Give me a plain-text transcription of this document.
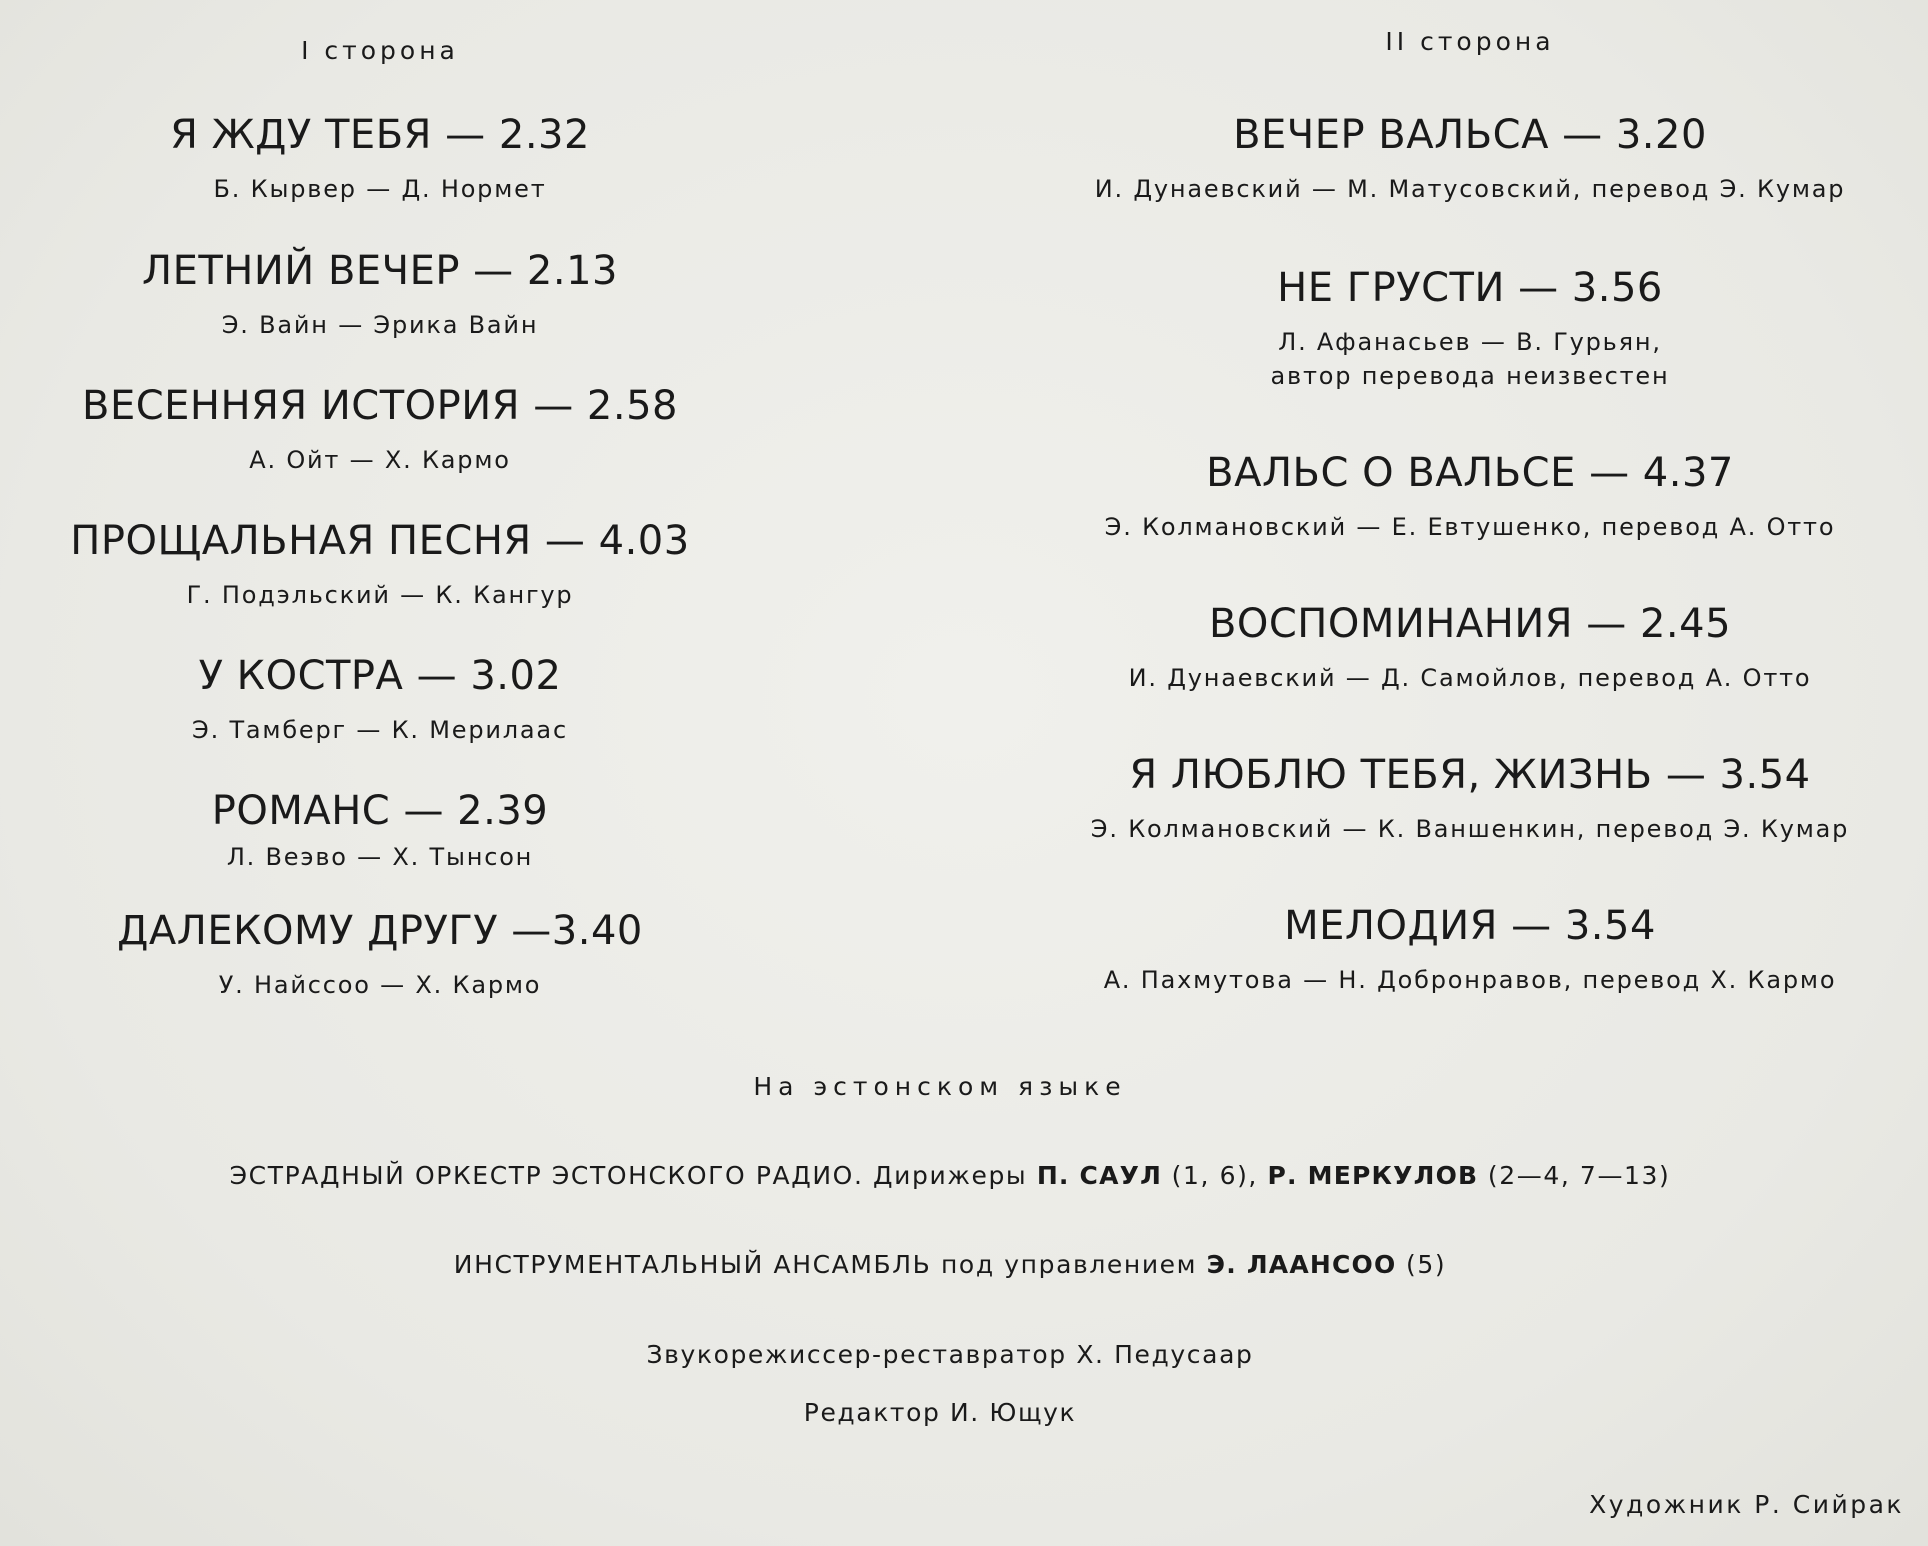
I сторона
Я ЖДУ ТЕБЯ — 2.32
Б. Кырвер — Д. Нормет
ЛЕТНИЙ ВЕЧЕР — 2.13
Э. Вайн — Эрика Вайн
ВЕСЕННЯЯ ИСТОРИЯ — 2.58
А. Ойт — Х. Кармо
ПРОЩАЛЬНАЯ ПЕСНЯ — 4.03
Г. Подэльский — К. Кангур
У КОСТРА — 3.02
Э. Тамберг — К. Мерилаас
РОМАНС — 2.39
Л. Веэво — Х. Тынсон
ДАЛЕКОМУ ДРУГУ —3.40
У. Найссоо — Х. Кармо
II сторона
ВЕЧЕР ВАЛЬСА — 3.20
И. Дунаевский — М. Матусовский, перевод Э. Кумар
НЕ ГРУСТИ — 3.56
Л. Афанасьев — В. Гурьян,
автор перевода неизвестен
ВАЛЬС О ВАЛЬСЕ — 4.37
Э. Колмановский — Е. Евтушенко, перевод А. Отто
ВОСПОМИНАНИЯ — 2.45
И. Дунаевский — Д. Самойлов, перевод А. Отто
Я ЛЮБЛЮ ТЕБЯ, ЖИЗНЬ — 3.54
Э. Колмановский — К. Ваншенкин, перевод Э. Кумар
МЕЛОДИЯ — 3.54
А. Пахмутова — Н. Добронравов, перевод Х. Кармо
На эстонском языке
ЭСТРАДНЫЙ ОРКЕСТР ЭСТОНСКОГО РАДИО. Дирижеры П. САУЛ (1, 6), Р. МЕРКУЛОВ (2—4, 7—13)
ИНСТРУМЕНТАЛЬНЫЙ АНСАМБЛЬ под управлением Э. ЛААНСОО (5)
Звукорежиссер-реставратор Х. Педусаар
Редактор И. Ющук
Художник Р. Сийрак
